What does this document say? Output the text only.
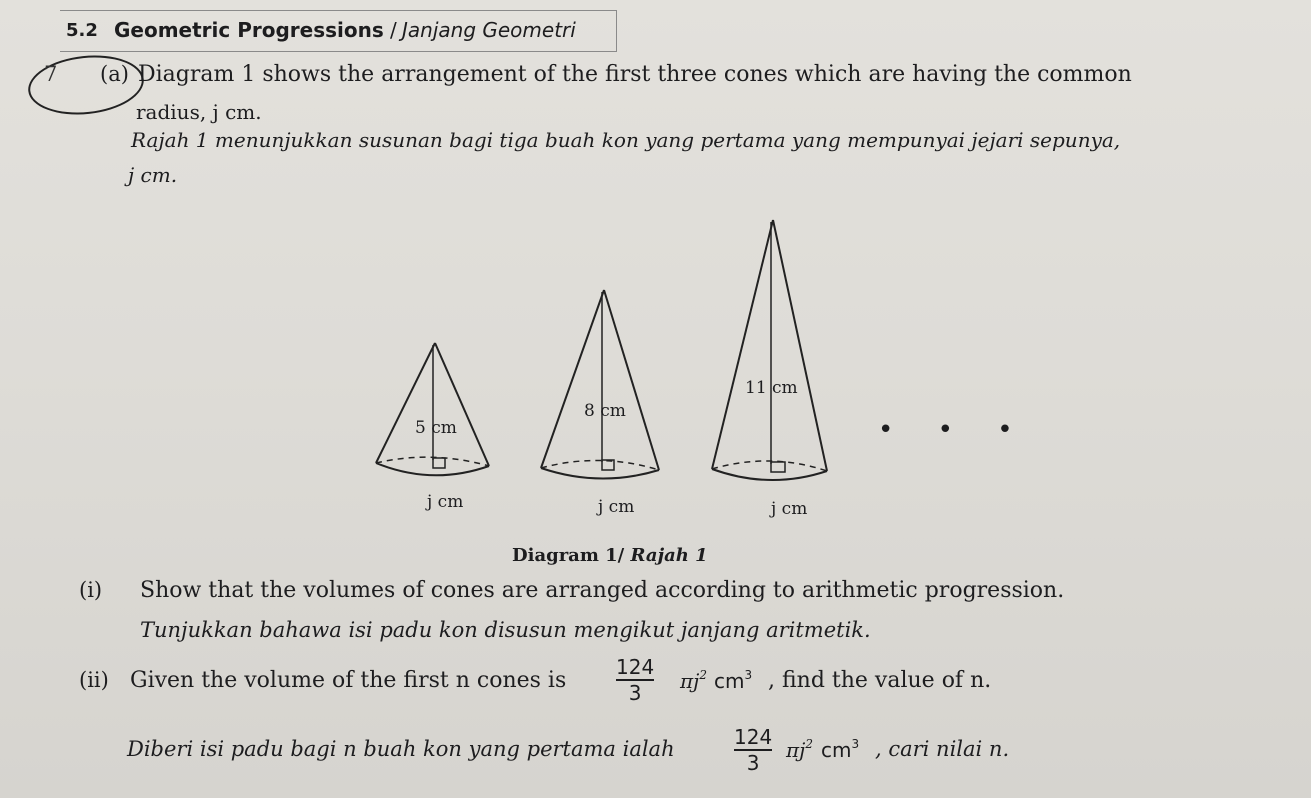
5.2 Geometric Progressions / Janjang Geometri
7 (a) Diagram 1 shows the arrangement of the first three cones which are having the common
radius, j cm.
Rajah 1 menunjukkan susunan bagi tiga buah kon yang pertama yang mempunyai jejari sepunya,
j cm.
5 cm
8 cm
11 cm
j cm	j cm	j cm
• • •
Diagram 1/ Rajah 1
(i) Show that the volumes of cones are arranged according to arithmetic progression.
Tunjukkan bahawa isi padu kon disusun mengikut janjang aritmetik.
(ii) Given the volume of the first n cones is
124
3 $\pi j^2$ $cm^3$ , find the value of n.
Diberi isi padu bagi n buah kon yang pertama ialah	124
3
$\pi j^2$ $cm^3$ , cari nilai n.
